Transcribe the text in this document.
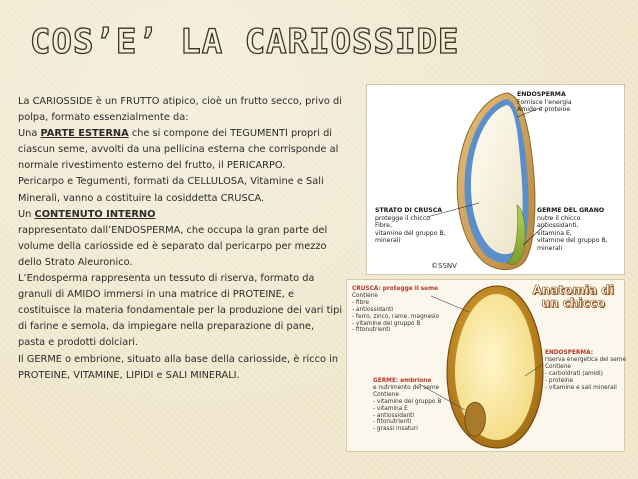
COS’E’ LA CARIOSSIDE

La CARIOSSIDE è un FRUTTO atipico, cioè un frutto secco, privo di polpa, formato essenzialmente da:

Una PARTE ESTERNA che si compone dei TEGUMENTI propri di ciascun seme, avvolti da una pellicina esterna che corrisponde al normale rivestimento esterno del frutto, il PERICARPO.

Pericarpo e Tegumenti, formati da CELLULOSA, Vitamine e Sali Minerali, vanno a costituire la cosiddetta CRUSCA.

Un CONTENUTO INTERNO

rappresentato dall’ENDOSPERMA, che occupa la gran parte del volume della cariosside ed è separato dal pericarpo per mezzo dello Strato Aleuronico.

L’Endosperma rappresenta un tessuto di riserva, formato da granuli di AMIDO immersi in una matrice di PROTEINE, e costituisce la materia fondamentale per la produzione dei vari tipi di farine e semola, da impiegare nella preparazione di pane, pasta e prodotti dolciari.

Il GERME o embrione, situato alla base della cariosside, è ricco in PROTEINE, VITAMINE, LIPIDI e SALI MINERALI.

ENDOSPERMA
Fornisce l’energia
Amido e proteine
STRATO DI CRUSCA
protegge il chicco
Fibre,
vitamine del gruppo B,
minerali
GERME DEL GRANO
nutre il chicco
antiossidanti,
vitamina E,
vitamine del gruppo B,
minerali
©SSNV
Anatomia di
un chicco
CRUSCA: protegge il seme
Contiene
- fibre
- antiossidanti
- ferro, zinco, rame, magnesio
- vitamine del gruppo B
- fitonutrienti
ENDOSPERMA:
riserva energetica del seme
Contiene
- carboidrati (amidi)
- proteine
- vitamine e sali minerali
GERME: embrione
e nutrimento del seme
Contiene
- vitamine del gruppo B
- vitamina E
- antiossidanti
- fitonutrienti
- grassi insaturi
